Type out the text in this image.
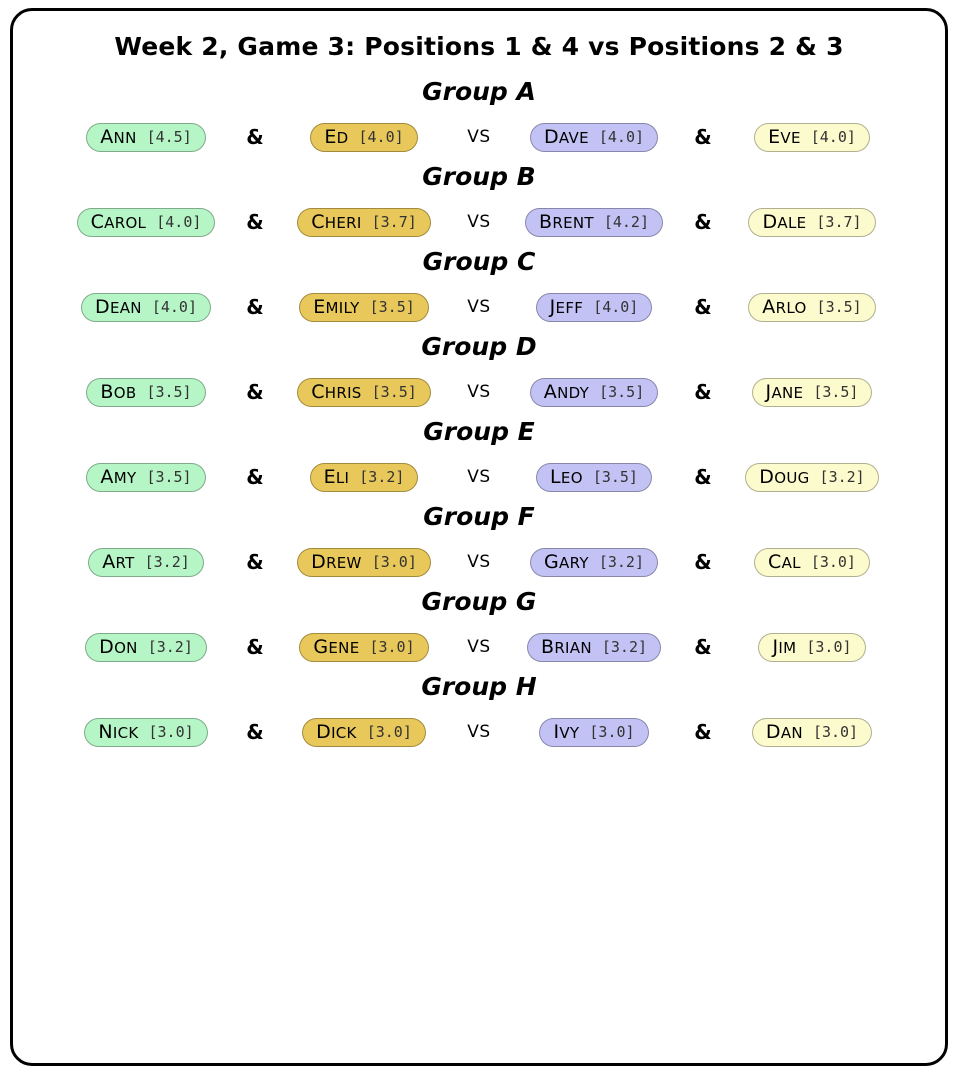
Week 2, Game 3: Positions 1 & 4 vs Positions 2 & 3
Group A
ANN [4.5]	&	ED [4.0]	VS	DAVE [4.0]	&	EVE [4.0]
Group B
CAROL [4.0]	&	CHERI [3.7]	VS	BRENT [4.2]	&	DALE [3.7]
Group C
DEAN [4.0]	&	EMILY [3.5]	VS	JEFF [4.0]	&	ARLO [3.5]
Group D
BOB [3.5]	&	CHRIS [3.5]	VS	ANDY [3.5]	&	JANE [3.5]
Group E
AMY [3.5]	&	ELI [3.2]	VS	LEO [3.5]	&	DOUG [3.2]
Group F
ART [3.2]	&	DREW [3.0]	VS	GARY [3.2]	&	CAL [3.0]
Group G
DON [3.2]	&	GENE [3.0]	VS	BRIAN [3.2]	&	JIM [3.0]
Group H
NICK [3.0]	&	DICK [3.0]	VS	IVY [3.0]	&	DAN [3.0]
